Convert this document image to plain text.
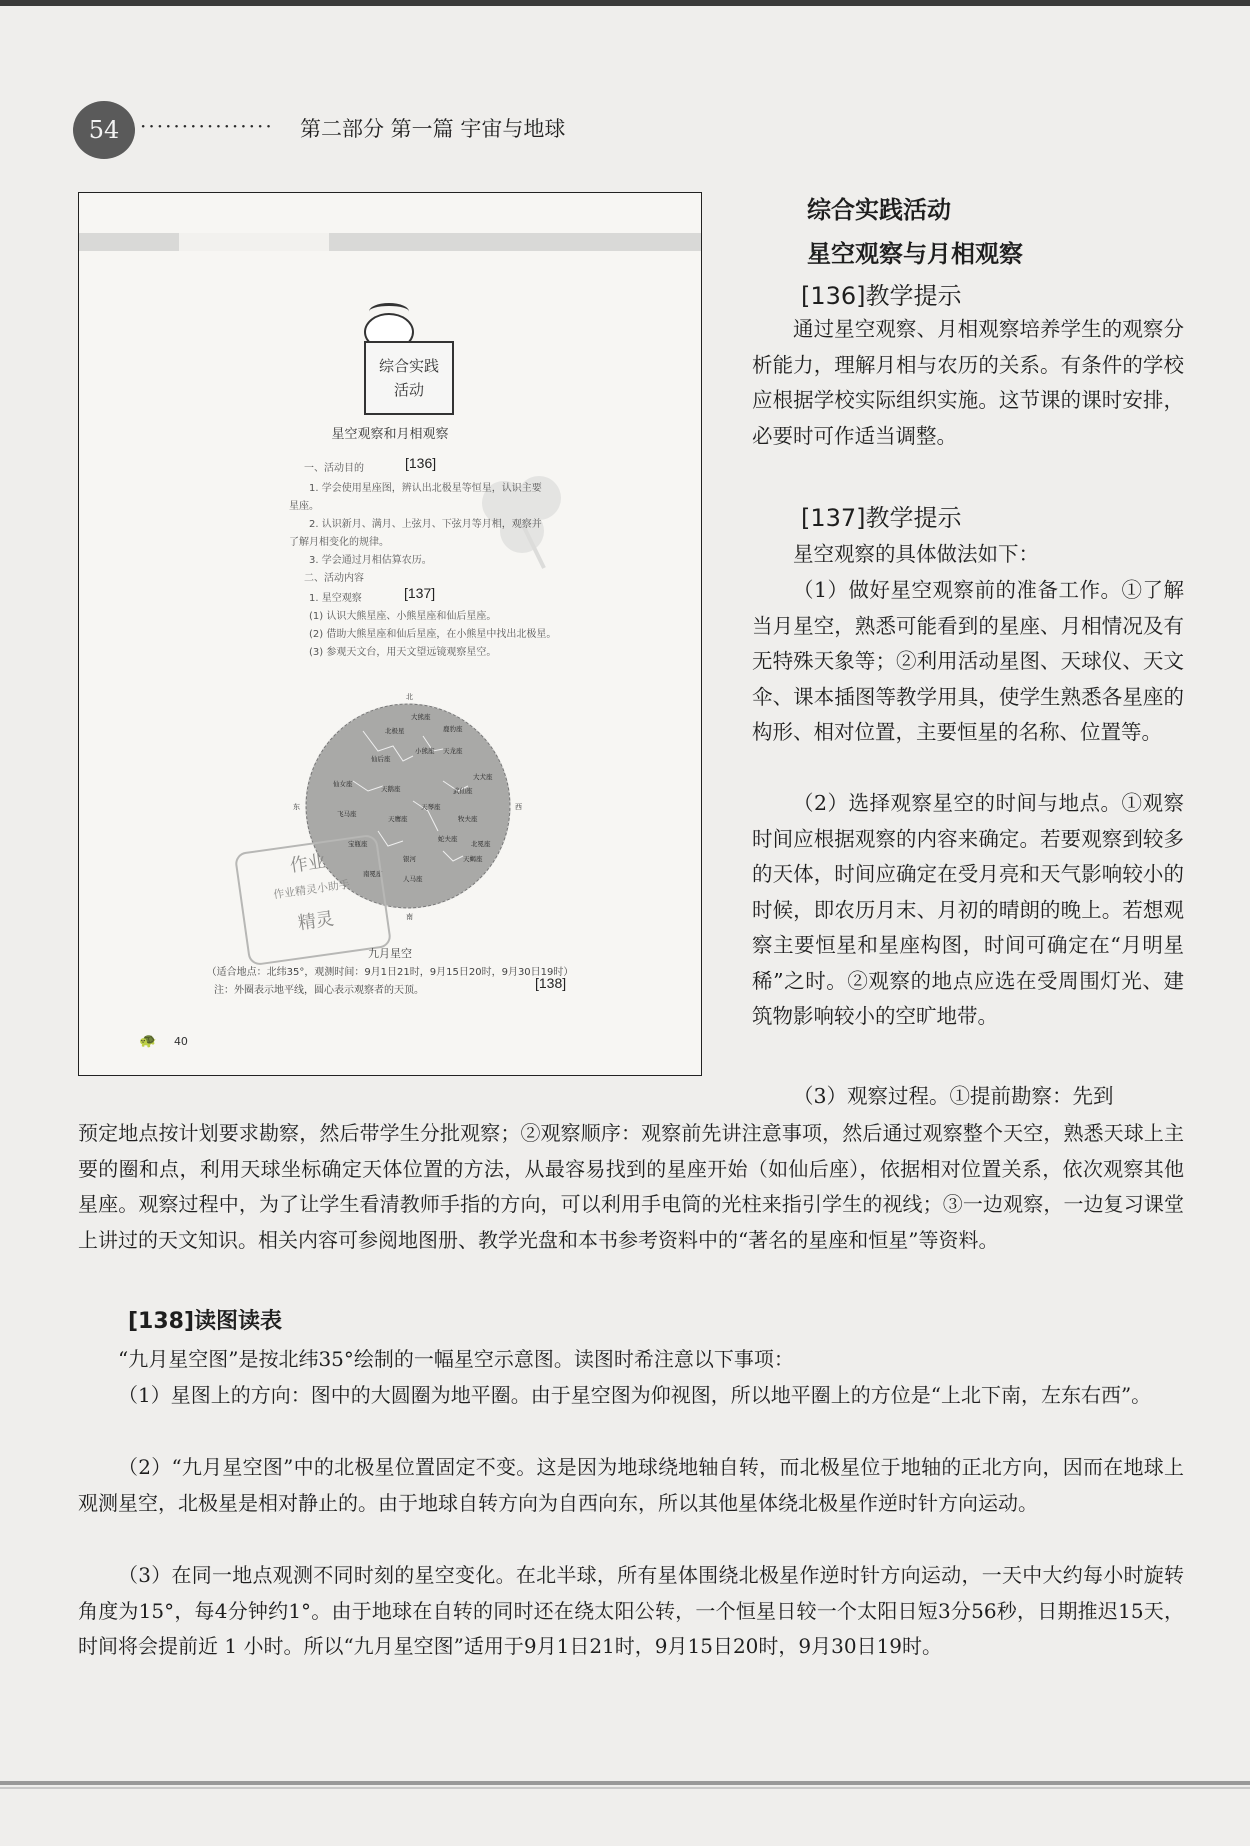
54	················ 第二部分 第一篇 宇宙与地球
综合实践
活动
星空观察和月相观察
一、活动目的	[136]
1. 学会使用星座图，辨认出北极星等恒星，认识主要
星座。
2. 认识新月、满月、上弦月、下弦月等月相，观察并
了解月相变化的规律。
3. 学会通过月相估算农历。
二、活动内容
1. 星空观察	[137]
(1) 认识大熊星座、小熊星座和仙后星座。
(2) 借助大熊星座和仙后星座，在小熊星中找出北极星。
(3) 参观天文台，用天文望远镜观察星空。
北
南
东	西
大熊座
北极星
仙后座
小熊座 天龙座
鹿豹座
大犬座
仙女座
武仙座
天鹅座
天琴座
牧夫座
飞马座
天鹰座
蛇夫座
宝瓶座	北冕座
天蝎座
人马座
南冕座
银河
作业
作业精灵小助手
精灵
九月星空
（适合地点：北纬35°，观测时间：9月1日21时，9月15日20时，9月30日19时）
注：外圈表示地平线，圆心表示观察者的天顶。	[138]
🐢 40
综合实践活动
星空观察与月相观察
[136]教学提示
通过星空观察、月相观察培养学生的观察分析能力，理解月相与农历的关系。有条件的学校应根据学校实际组织实施。这节课的课时安排，必要时可作适当调整。
[137]教学提示
星空观察的具体做法如下：
（1）做好星空观察前的准备工作。①了解当月星空，熟悉可能看到的星座、月相情况及有无特殊天象等；②利用活动星图、天球仪、天文伞、课本插图等教学用具，使学生熟悉各星座的构形、相对位置，主要恒星的名称、位置等。
（2）选择观察星空的时间与地点。①观察时间应根据观察的内容来确定。若要观察到较多的天体，时间应确定在受月亮和天气影响较小的时候，即农历月末、月初的晴朗的晚上。若想观察主要恒星和星座构图，时间可确定在“月明星稀”之时。②观察的地点应选在受周围灯光、建筑物影响较小的空旷地带。
（3）观察过程。①提前勘察：先到
预定地点按计划要求勘察，然后带学生分批观察；②观察顺序：观察前先讲注意事项，然后通过观察整个天空，熟悉天球上主要的圈和点，利用天球坐标确定天体位置的方法，从最容易找到的星座开始（如仙后座），依据相对位置关系，依次观察其他星座。观察过程中，为了让学生看清教师手指的方向，可以利用手电筒的光柱来指引学生的视线；③一边观察，一边复习课堂上讲过的天文知识。相关内容可参阅地图册、教学光盘和本书参考资料中的“著名的星座和恒星”等资料。
[138]读图读表
“九月星空图”是按北纬35°绘制的一幅星空示意图。读图时希注意以下事项：
（1）星图上的方向：图中的大圆圈为地平圈。由于星空图为仰视图，所以地平圈上的方位是“上北下南，左东右西”。
（2）“九月星空图”中的北极星位置固定不变。这是因为地球绕地轴自转，而北极星位于地轴的正北方向，因而在地球上观测星空，北极星是相对静止的。由于地球自转方向为自西向东，所以其他星体绕北极星作逆时针方向运动。
（3）在同一地点观测不同时刻的星空变化。在北半球，所有星体围绕北极星作逆时针方向运动，一天中大约每小时旋转角度为15°，每4分钟约1°。由于地球在自转的同时还在绕太阳公转，一个恒星日较一个太阳日短3分56秒，日期推迟15天，时间将会提前近 1 小时。所以“九月星空图”适用于9月1日21时，9月15日20时，9月30日19时。
